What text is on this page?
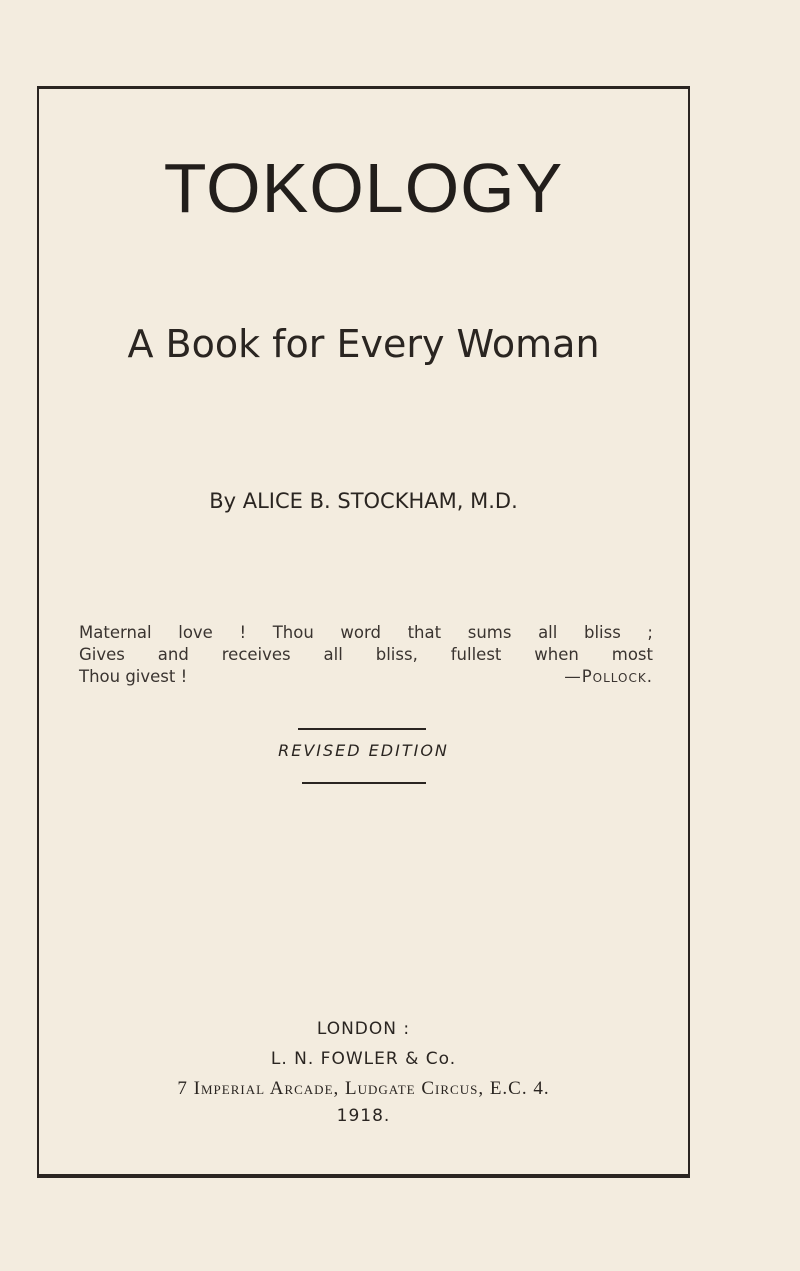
TOKOLOGY
A Book for Every Woman
By ALICE B. STOCKHAM, M.D.
Maternal love ! Thou word that sums all bliss ;
Gives and receives all bliss, fullest when most
Thou givest !	—Pollock.
REVISED EDITION
LONDON :
L. N. FOWLER & Co.
7 Imperial Arcade, Ludgate Circus, E.C. 4.
1918.
